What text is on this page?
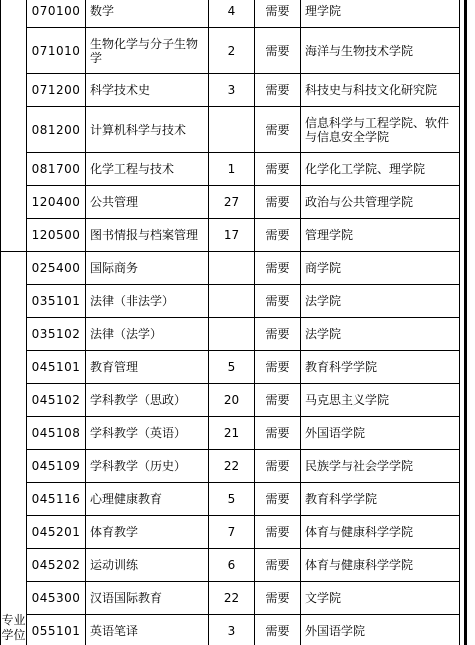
	070100	数学	4	需要	理学院
	071010	生物化学与分子生物学	2	需要	海洋与生物技术学院
	071200	科学技术史	3	需要	科技史与科技文化研究院
	081200	计算机科学与技术		需要	信息科学与工程学院、软件与信息安全学院
	081700	化学工程与技术	1	需要	化学化工学院、理学院
	120400	公共管理	27	需要	政治与公共管理学院
	120500	图书情报与档案管理	17	需要	管理学院

专业
学位	025400	国际商务		需要	商学院
	035101	法律（非法学）		需要	法学院
	035102	法律（法学）		需要	法学院
	045101	教育管理	5	需要	教育科学学院
	045102	学科教学（思政）	20	需要	马克思主义学院
	045108	学科教学（英语）	21	需要	外国语学院
	045109	学科教学（历史）	22	需要	民族学与社会学学院
	045116	心理健康教育	5	需要	教育科学学院
	045201	体育教学	7	需要	体育与健康科学学院
	045202	运动训练	6	需要	体育与健康科学学院
	045300	汉语国际教育	22	需要	文学院
	055101	英语笔译	3	需要	外国语学院
